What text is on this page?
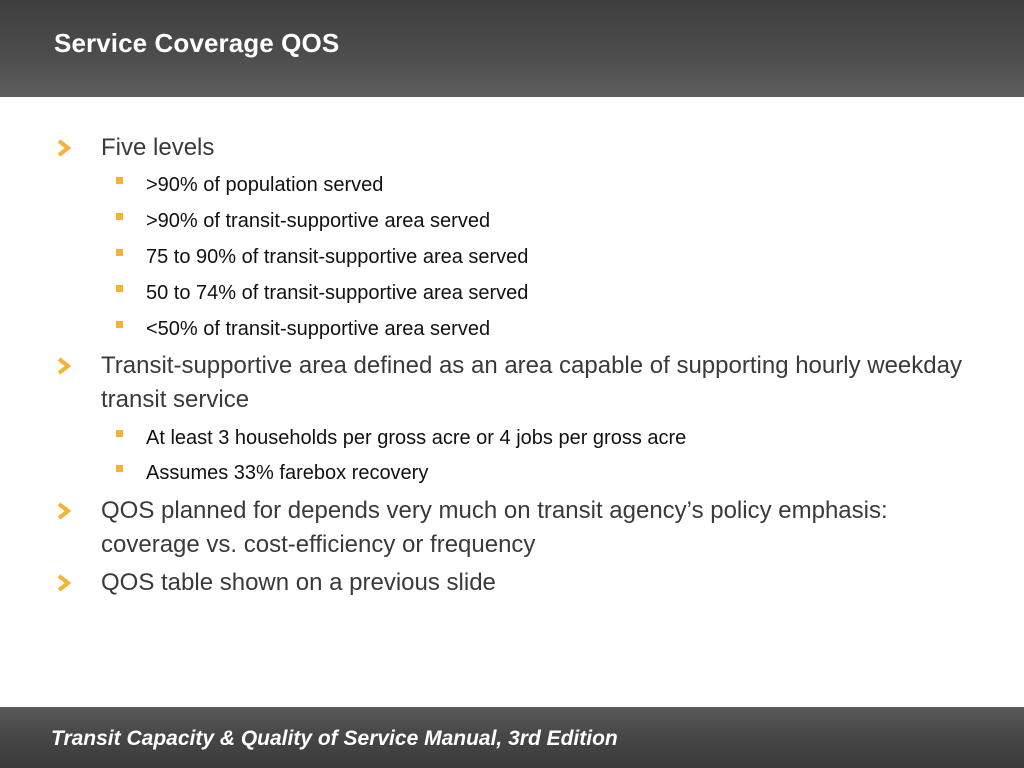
Service Coverage QOS
Five levels
>90% of population served
>90% of transit-supportive area served
75 to 90% of transit-supportive area served
50 to 74% of transit-supportive area served
<50% of transit-supportive area served
Transit-supportive area defined as an area capable of supporting hourly weekday transit service
At least 3 households per gross acre or 4 jobs per gross acre
Assumes 33% farebox recovery
QOS planned for depends very much on transit agency’s policy emphasis: coverage vs. cost-efficiency or frequency
QOS table shown on a previous slide
Transit Capacity & Quality of Service Manual, 3rd Edition
